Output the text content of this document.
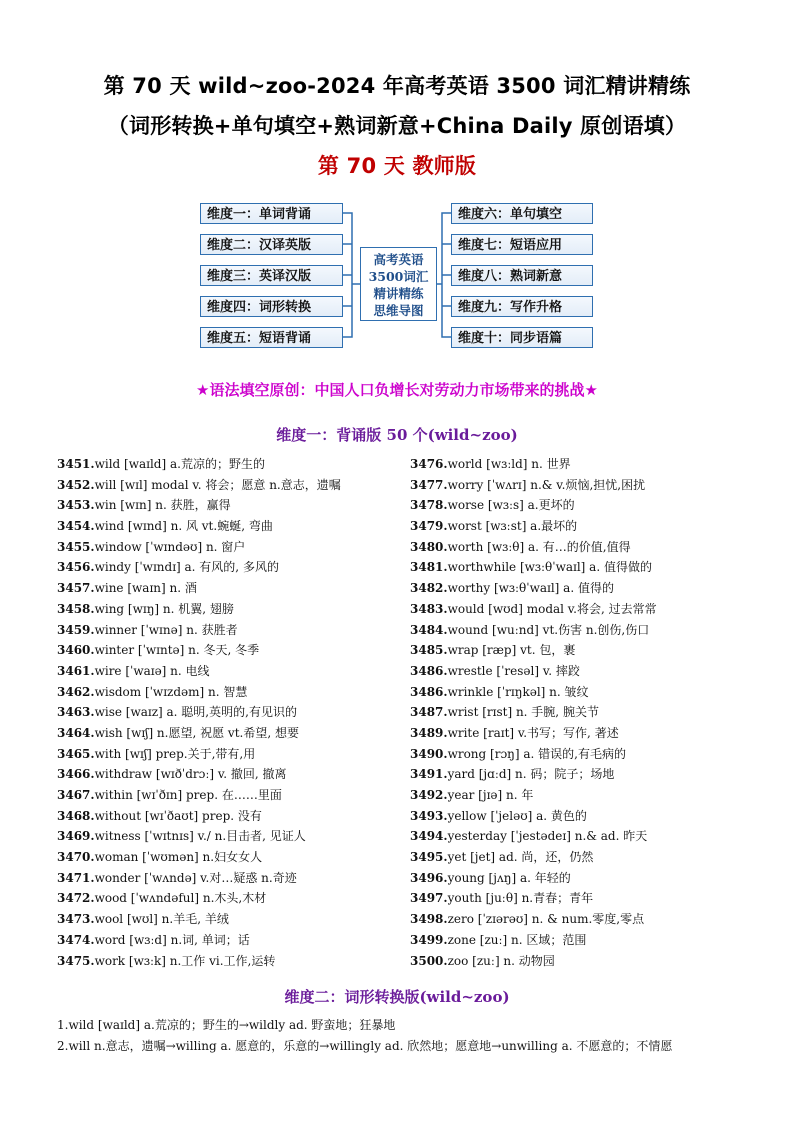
第 70 天 wild~zoo-2024 年高考英语 3500 词汇精讲精练
（词形转换+单句填空+熟词新意+China Daily 原创语填）
第 70 天 教师版
维度一：单词背诵
维度二：汉译英版
维度三：英译汉版
维度四：词形转换
维度五：短语背诵
高考英语
3500词汇
精讲精练
思维导图
维度六：单句填空
维度七：短语应用
维度八：熟词新意
维度九：写作升格
维度十：同步语篇
★语法填空原创：中国人口负增长对劳动力市场带来的挑战★
维度一：背诵版 50 个(wild~zoo)
3451.wild [waɪld] a.荒凉的；野生的
3452.will [wɪl] modal v. 将会；愿意 n.意志，遗嘱
3453.win [wɪn] n. 获胜，赢得
3454.wind [wɪnd] n. 风 vt.蜿蜒, 弯曲
3455.window [ˈwɪndəʊ] n. 窗户
3456.windy [ˈwɪndɪ] a. 有风的, 多风的
3457.wine [waɪn] n. 酒
3458.wing [wɪŋ] n. 机翼, 翅膀
3459.winner [ˈwɪnə] n. 获胜者
3460.winter [ˈwɪntə] n. 冬天, 冬季
3461.wire [ˈwaɪə] n. 电线
3462.wisdom [ˈwɪzdəm] n. 智慧
3463.wise [waɪz] a. 聪明,英明的,有见识的
3464.wish [wɪʃ] n.愿望, 祝愿 vt.希望, 想要
3465.with [wɪʃ] prep.关于,带有,用
3466.withdraw [wɪðˈdrɔː] v. 撤回, 撤离
3467.within [wɪˈðɪn] prep. 在……里面
3468.without [wɪˈðaʊt] prep. 没有
3469.witness [ˈwɪtnɪs] v./ n.目击者, 见证人
3470.woman [ˈwʊmən] n.妇女女人
3471.wonder [ˈwʌndə] v.对…疑惑 n.奇迹
3472.wood [ˈwʌndəful] n.木头,木材
3473.wool [wʊl] n.羊毛, 羊绒
3474.word [wɜːd] n.词, 单词；话
3475.work [wɜːk] n.工作 vi.工作,运转
3476.world [wɜːld] n. 世界
3477.worry [ˈwʌrɪ] n.& v.烦恼,担忧,困扰
3478.worse [wɜːs] a.更坏的
3479.worst [wɜːst] a.最坏的
3480.worth [wɜːθ] a. 有…的价值,值得
3481.worthwhile [wɜːθˈwaɪl] a. 值得做的
3482.worthy [wɜːθˈwaɪl] a. 值得的
3483.would [wʊd] modal v.将会, 过去常常
3484.wound [wuːnd] vt.伤害 n.创伤,伤口
3485.wrap [ræp] vt. 包，裹
3486.wrestle [ˈresəl] v. 摔跤
3486.wrinkle [ˈrɪŋkəl] n. 皱纹
3487.wrist [rɪst] n. 手腕, 腕关节
3489.write [raɪt] v.书写；写作, 著述
3490.wrong [rɔŋ] a. 错误的,有毛病的
3491.yard [jɑːd] n. 码；院子；场地
3492.year [jɪə] n. 年
3493.yellow [ˈjeləʊ] a. 黄色的
3494.yesterday [ˈjestədeɪ] n.& ad. 昨天
3495.yet [jet] ad. 尚，还，仍然
3496.young [jʌŋ] a. 年轻的
3497.youth [juːθ] n.青春；青年
3498.zero [ˈzɪərəʊ] n. & num.零度,零点
3499.zone [zuː] n. 区域；范围
3500.zoo [zuː] n. 动物园
维度二：词形转换版(wild~zoo)
1.wild [waɪld] a.荒凉的；野生的→wildly ad. 野蛮地；狂暴地
2.will n.意志，遗嘱→willing a. 愿意的，乐意的→willingly ad. 欣然地；愿意地→unwilling a. 不愿意的；不情愿
